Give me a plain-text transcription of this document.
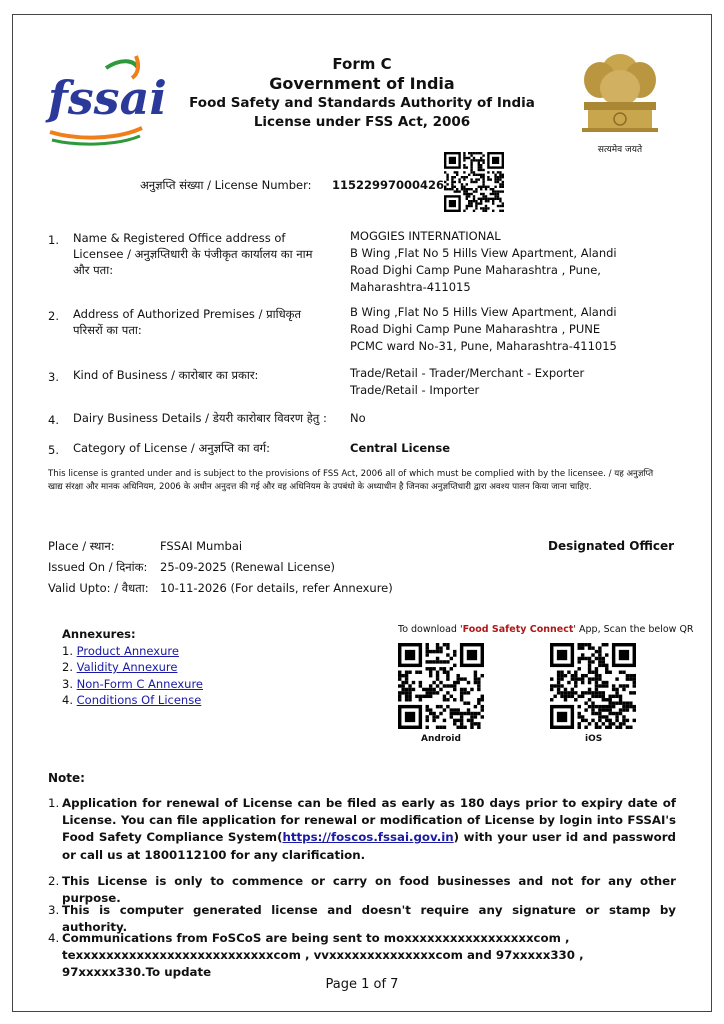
fssai
सत्यमेव जयते
Form C
Government of India
Food Safety and Standards Authority of India
License under FSS Act, 2006
अनुज्ञप्ति संख्या / License Number: 11522997000426
1.	Name & Registered Office address of Licensee / अनुज्ञप्तिधारी के पंजीकृत कार्यालय का नाम और पता:
MOGGIES INTERNATIONAL
B Wing ,Flat No 5 Hills View Apartment, Alandi
Road Dighi Camp Pune Maharashtra , Pune,
Maharashtra-411015
2.	Address of Authorized Premises / प्राधिकृत परिसरों का पता:
B Wing ,Flat No 5 Hills View Apartment, Alandi
Road Dighi Camp Pune Maharashtra , PUNE
PCMC ward No-31, Pune, Maharashtra-411015
3.	Kind of Business / कारोबार का प्रकार:	Trade/Retail - Trader/Merchant - Exporter
Trade/Retail - Importer
4.	Dairy Business Details / डेयरी कारोबार विवरण हेतु :	No
5.	Category of License / अनुज्ञप्ति का वर्ग:	Central License
This license is granted under and is subject to the provisions of FSS Act, 2006 all of which must be complied with by the licensee. / यह अनुज्ञप्ति खाद्य संरक्षा और मानक अधिनियम, 2006 के अधीन अनुदत्त की गई और वह अधिनियम के उपबंधो के अध्याधीन है जिनका अनुज्ञप्तिधारी द्वारा अवश्य पालन किया जाना चाहिए.
Place / स्थान:	FSSAI Mumbai
Issued On / दिनांक: 25-09-2025 (Renewal License)
Valid Upto: / वैधता: 10-11-2026 (For details, refer Annexure)
Designated Officer
Annexures:
1. Product Annexure
2. Validity Annexure
3. Non-Form C Annexure
4. Conditions Of License
To download 'Food Safety Connect' App, Scan the below QR
Android	iOS
Note:
1. Application for renewal of License can be filed as early as 180 days prior to expiry date of License. You can file application for renewal or modification of License by login into FSSAI's Food Safety Compliance System(https://foscos.fssai.gov.in) with your user id and password or call us at 1800112100 for any clarification.
2. This License is only to commence or carry on food businesses and not for any other purpose.
3. This is computer generated license and doesn't require any signature or stamp by authority.
4. Communications from FoSCoS are being sent to moxxxxxxxxxxxxxxxxxcom , texxxxxxxxxxxxxxxxxxxxxxxxxxcom , vvxxxxxxxxxxxxxxcom and 97xxxxx330 , 97xxxxx330.To update
Page 1 of 7
